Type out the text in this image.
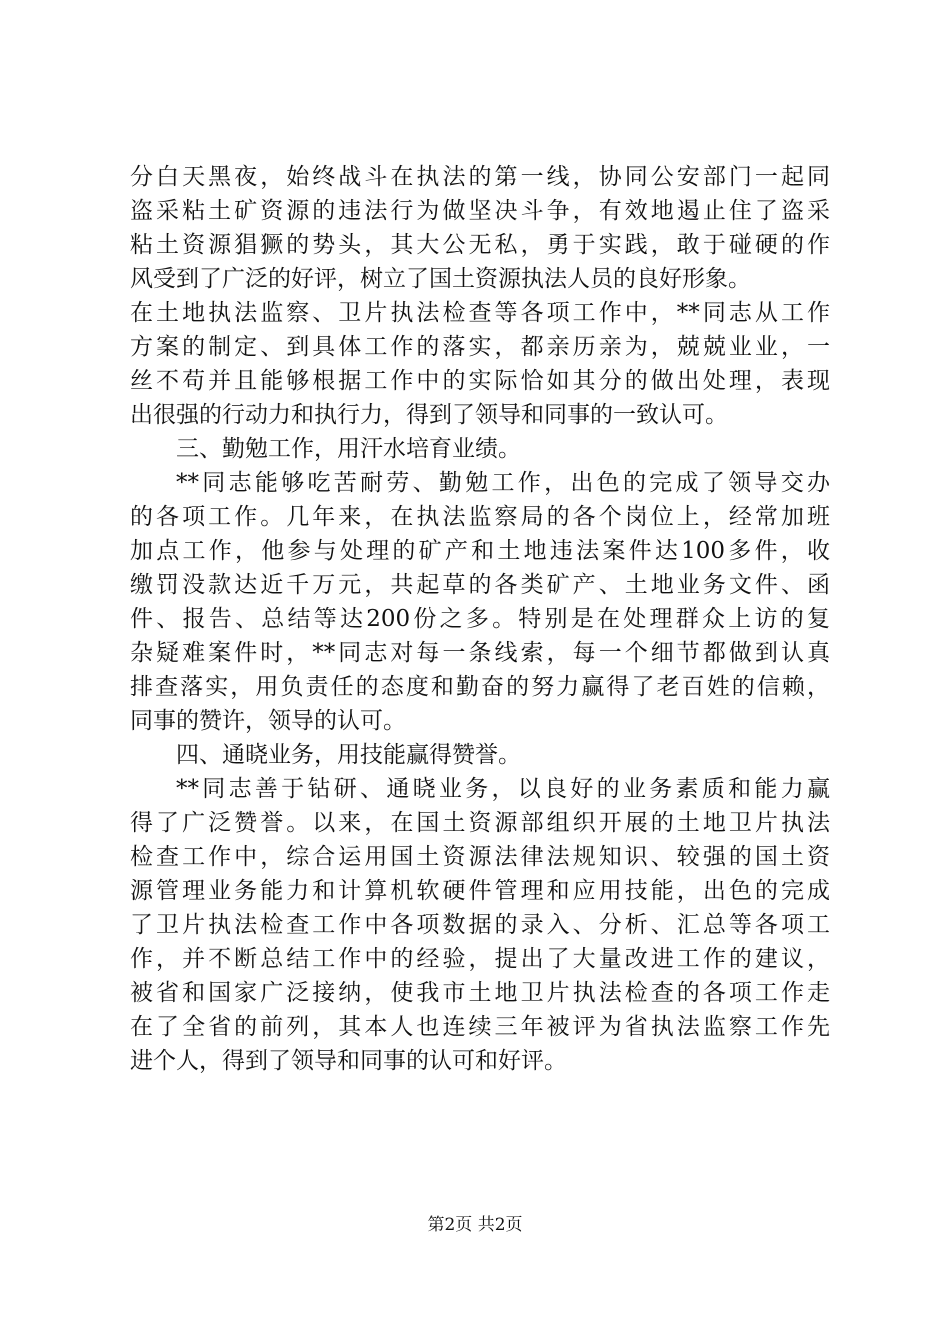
分白天黑夜，始终战斗在执法的第一线，协同公安部门一起同
盗采粘土矿资源的违法行为做坚决斗争，有效地遏止住了盗采
粘土资源猖獗的势头，其大公无私，勇于实践，敢于碰硬的作
风受到了广泛的好评，树立了国土资源执法人员的良好形象。
在土地执法监察、卫片执法检查等各项工作中，**同志从工作
方案的制定、到具体工作的落实，都亲历亲为，兢兢业业，一
丝不苟并且能够根据工作中的实际恰如其分的做出处理，表现
出很强的行动力和执行力，得到了领导和同事的一致认可。
三、勤勉工作，用汗水培育业绩。
**同志能够吃苦耐劳、勤勉工作，出色的完成了领导交办
的各项工作。几年来，在执法监察局的各个岗位上，经常加班
加点工作，他参与处理的矿产和土地违法案件达100多件，收
缴罚没款达近千万元，共起草的各类矿产、土地业务文件、函
件、报告、总结等达200份之多。特别是在处理群众上访的复
杂疑难案件时，**同志对每一条线索，每一个细节都做到认真
排查落实，用负责任的态度和勤奋的努力赢得了老百姓的信赖，
同事的赞许，领导的认可。
四、通晓业务，用技能赢得赞誉。
**同志善于钻研、通晓业务，以良好的业务素质和能力赢
得了广泛赞誉。以来，在国土资源部组织开展的土地卫片执法
检查工作中，综合运用国土资源法律法规知识、较强的国土资
源管理业务能力和计算机软硬件管理和应用技能，出色的完成
了卫片执法检查工作中各项数据的录入、分析、汇总等各项工
作，并不断总结工作中的经验，提出了大量改进工作的建议，
被省和国家广泛接纳，使我市土地卫片执法检查的各项工作走
在了全省的前列，其本人也连续三年被评为省执法监察工作先
进个人，得到了领导和同事的认可和好评。
第2页 共2页
